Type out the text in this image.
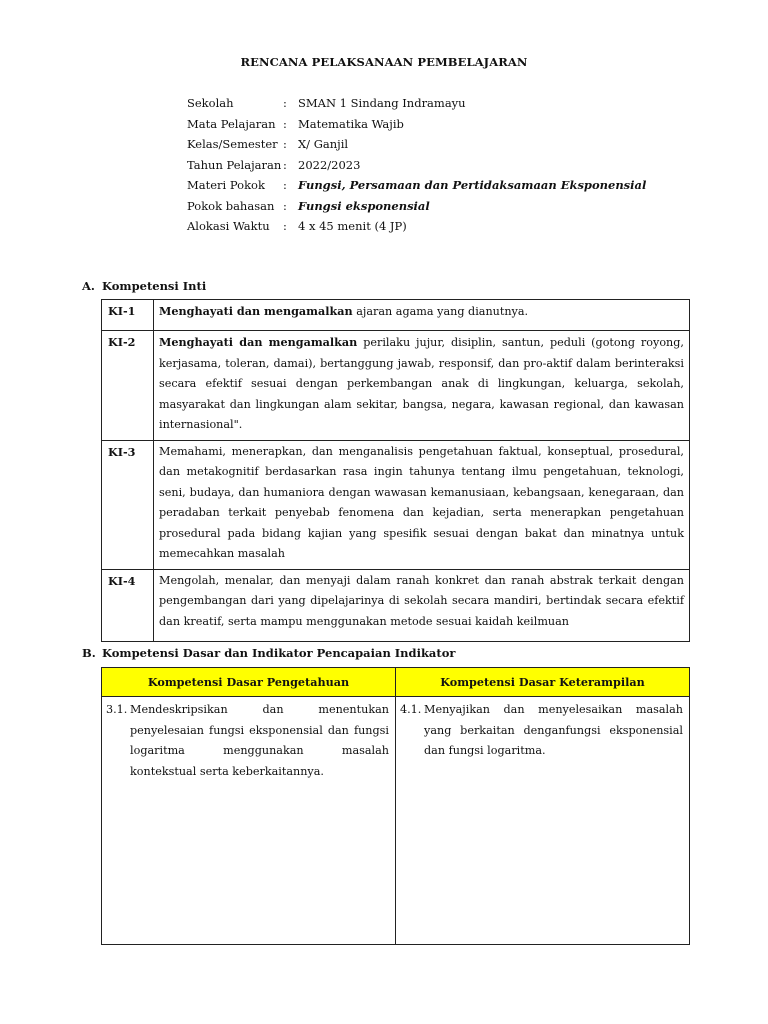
RENCANA PELAKSANAAN PEMBELAJARAN
Sekolah	: SMAN 1 Sindang Indramayu
Mata Pelajaran : Matematika Wajib
Kelas/Semester : X/ Ganjil
Tahun Pelajaran : 2022/2023
Materi Pokok : Fungsi, Persamaan dan Pertidaksamaan Eksponensial
Pokok bahasan : Fungsi eksponensial
Alokasi Waktu : 4 x 45 menit (4 JP)
A. Kompetensi Inti
KI-1	Menghayati dan mengamalkan ajaran agama yang dianutnya.
KI-2	Menghayati dan mengamalkan perilaku jujur, disiplin, santun, peduli (gotong royong, kerjasama, toleran, damai), bertanggung jawab, responsif, dan pro-aktif dalam berinteraksi secara efektif sesuai dengan perkembangan anak di lingkungan, keluarga, sekolah, masyarakat dan lingkungan alam sekitar, bangsa, negara, kawasan regional, dan kawasan internasional".
KI-3	Memahami, menerapkan, dan menganalisis pengetahuan faktual, konseptual, prosedural, dan metakognitif berdasarkan rasa ingin tahunya tentang ilmu pengetahuan, teknologi, seni, budaya, dan humaniora dengan wawasan kemanusiaan, kebangsaan, kenegaraan, dan peradaban terkait penyebab fenomena dan kejadian, serta menerapkan pengetahuan prosedural pada bidang kajian yang spesifik sesuai dengan bakat dan minatnya untuk memecahkan masalah
KI-4	Mengolah, menalar, dan menyaji dalam ranah konkret dan ranah abstrak terkait dengan pengembangan dari yang dipelajarinya di sekolah secara mandiri, bertindak secara efektif dan kreatif, serta mampu menggunakan metode sesuai kaidah keilmuan
B. Kompetensi Dasar dan Indikator Pencapaian Indikator
Kompetensi Dasar Pengetahuan	Kompetensi Dasar Keterampilan

3.1. Mendeskripsikan dan menentukan penyelesaian fungsi eksponensial dan fungsi logaritma menggunakan masalah kontekstual serta keberkaitannya.	4.1. Menyajikan dan menyelesaikan masalah yang berkaitan denganfungsi eksponensial dan fungsi logaritma.
